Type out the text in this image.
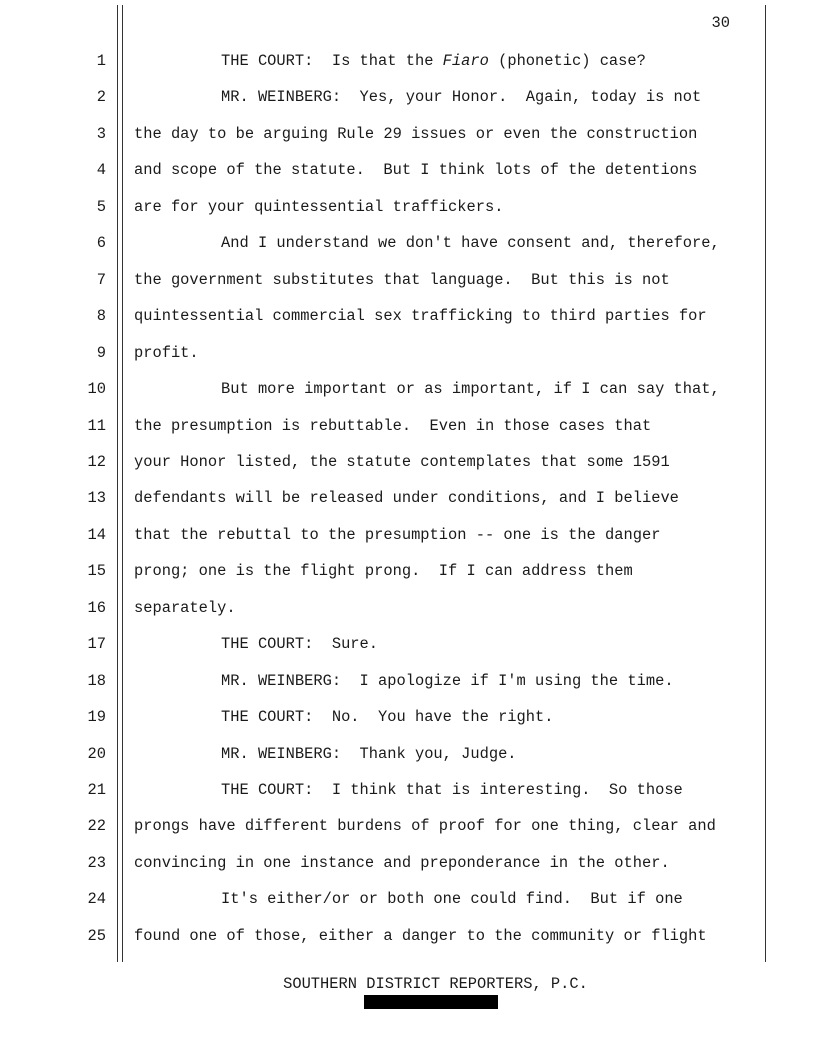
30
1	THE COURT:  Is that the Fiaro (phonetic) case?
2	MR. WEINBERG:  Yes, your Honor.  Again, today is not
3 the day to be arguing Rule 29 issues or even the construction
4 and scope of the statute.  But I think lots of the detentions
5 are for your quintessential traffickers.
6	And I understand we don't have consent and, therefore,
7 the government substitutes that language.  But this is not
8 quintessential commercial sex trafficking to third parties for
9 profit.
10	But more important or as important, if I can say that,
11 the presumption is rebuttable.  Even in those cases that
12 your Honor listed, the statute contemplates that some 1591
13 defendants will be released under conditions, and I believe
14 that the rebuttal to the presumption -- one is the danger
15 prong; one is the flight prong.  If I can address them
16 separately.
17	THE COURT:  Sure.
18	MR. WEINBERG:  I apologize if I'm using the time.
19	THE COURT:  No.  You have the right.
20	MR. WEINBERG:  Thank you, Judge.
21	THE COURT:  I think that is interesting.  So those
22 prongs have different burdens of proof for one thing, clear and
23 convincing in one instance and preponderance in the other.
24	It's either/or or both one could find.  But if one
25 found one of those, either a danger to the community or flight
SOUTHERN DISTRICT REPORTERS, P.C.
